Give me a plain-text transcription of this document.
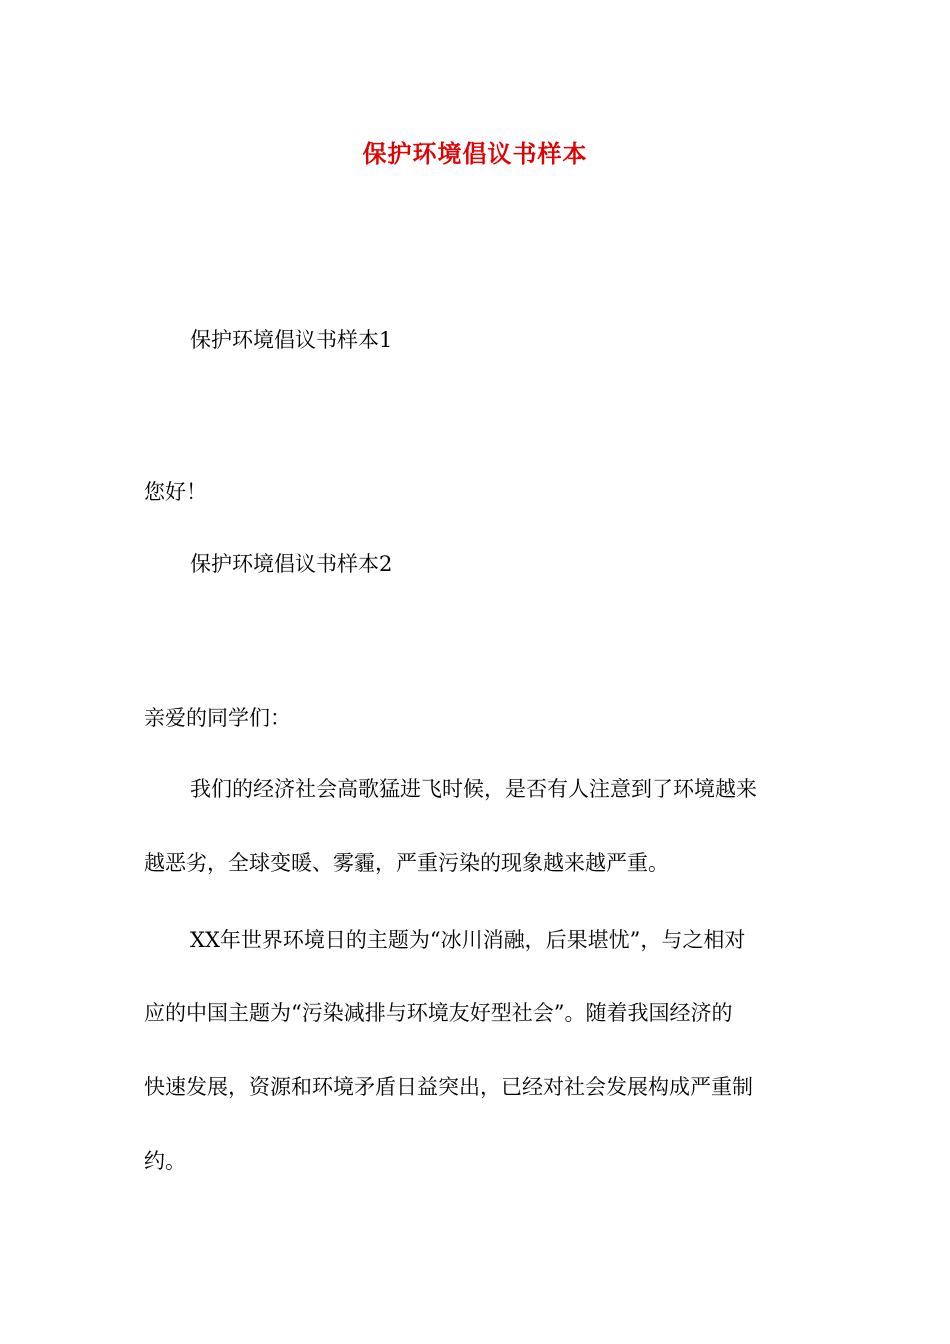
保护环境倡议书样本
保护环境倡议书样本1
您好！
保护环境倡议书样本2
亲爱的同学们：
我们的经济社会高歌猛进飞时候，是否有人注意到了环境越来
越恶劣，全球变暖、雾霾，严重污染的现象越来越严重。
XX年世界环境日的主题为“冰川消融，后果堪忧”，与之相对
应的中国主题为“污染减排与环境友好型社会”。随着我国经济的
快速发展，资源和环境矛盾日益突出，已经对社会发展构成严重制
约。
